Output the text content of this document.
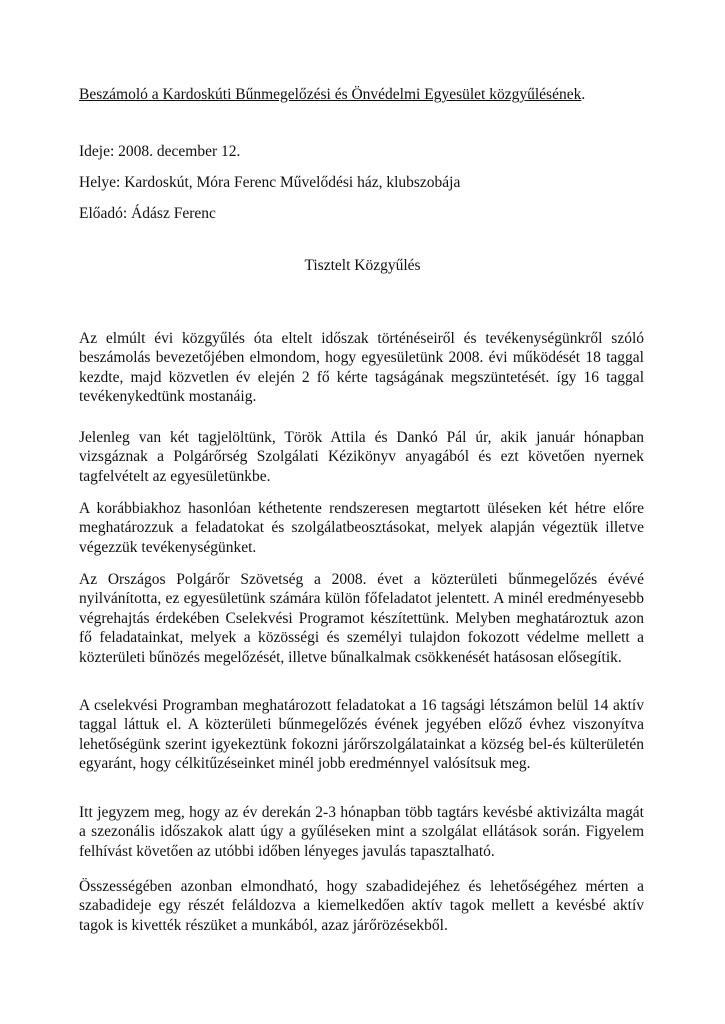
Beszámoló a Kardoskúti Bűnmegelőzési és Önvédelmi Egyesület közgyűlésének.

Ideje: 2008. december 12.

Helye: Kardoskút, Móra Ferenc Művelődési ház, klubszobája

Előadó: Ádász Ferenc

Tisztelt Közgyűlés

Az elmúlt évi közgyűlés óta eltelt időszak történéseiről és tevékenységünkről szóló beszámolás bevezetőjében elmondom, hogy egyesületünk 2008. évi működését 18 taggal kezdte, majd közvetlen év elején 2 fő kérte tagságának megszüntetését. így 16 taggal tevékenykedtünk mostanáig.

Jelenleg van két tagjelöltünk, Török Attila és Dankó Pál úr, akik január hónapban vizsgáznak a Polgárőrség Szolgálati Kézikönyv anyagából és ezt követően nyernek tagfelvételt az egyesületünkbe.

A korábbiakhoz hasonlóan kéthetente rendszeresen megtartott üléseken két hétre előre meghatározzuk a feladatokat és szolgálatbeosztásokat, melyek alapján végeztük illetve végezzük tevékenységünket.

Az Országos Polgárőr Szövetség a 2008. évet a közterületi bűnmegelőzés évévé nyilvánította, ez egyesületünk számára külön főfeladatot jelentett. A minél eredményesebb végrehajtás érdekében Cselekvési Programot készítettünk. Melyben meghatároztuk azon fő feladatainkat, melyek a közösségi és személyi tulajdon fokozott védelme mellett a közterületi bűnözés megelőzését, illetve bűnalkalmak csökkenését hatásosan elősegítik.

A cselekvési Programban meghatározott feladatokat a 16 tagsági létszámon belül 14 aktív taggal láttuk el. A közterületi bűnmegelőzés évének jegyében előző évhez viszonyítva lehetőségünk szerint igyekeztünk fokozni járőrszolgálatainkat a község bel-és külterületén egyaránt, hogy célkitűzéseinket minél jobb eredménnyel valósítsuk meg.

Itt jegyzem meg, hogy az év derekán 2-3 hónapban több tagtárs kevésbé aktivizálta magát a szezonális időszakok alatt úgy a gyűléseken mint a szolgálat ellátások során. Figyelem felhívást követően az utóbbi időben lényeges javulás tapasztalható.

Összességében azonban elmondható, hogy szabadidejéhez és lehetőségéhez mérten a szabadideje egy részét feláldozva a kiemelkedően aktív tagok mellett a kevésbé aktív tagok is kivették részüket a munkából, azaz járőrözésekből.
